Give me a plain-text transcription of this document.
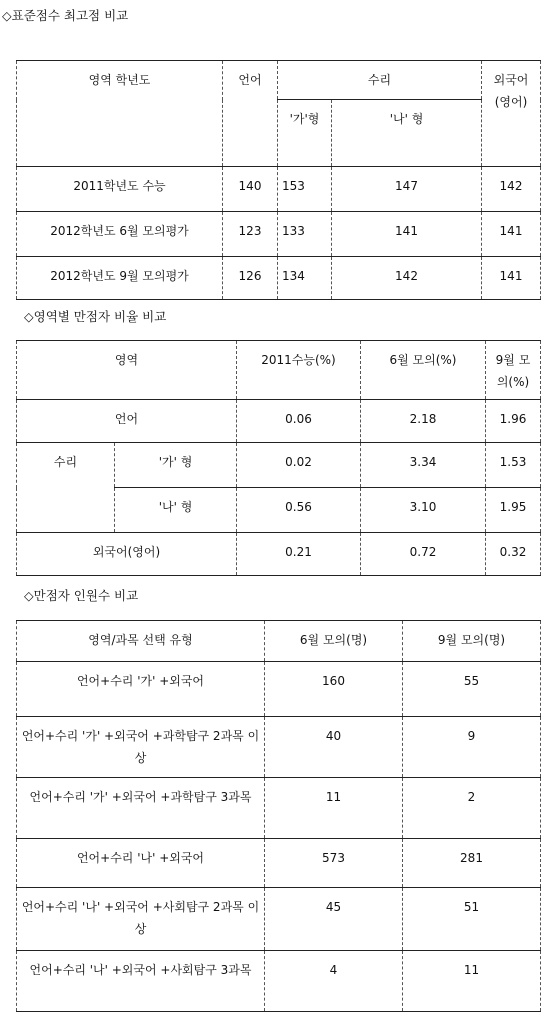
◇표준점수 최고점 비교
영역 학년도	언어	수리		외국어(영어)
		'가'형	'나' 형	
2011학년도 수능	140	153	147	142
2012학년도 6월 모의평가	123	133	141	141
2012학년도 9월 모의평가	126	134	142	141
◇영역별 만점자 비율 비교
영역		2011수능(%)	6월 모의(%)	9월 모의(%)
언어		0.06	2.18	1.96
수리	'가' 형	0.02	3.34	1.53
	'나' 형	0.56	3.10	1.95
외국어(영어)		0.21	0.72	0.32
◇만점자 인원수 비교
영역/과목 선택 유형	6월 모의(명)	9월 모의(명)
언어+수리 '가' +외국어	160	55
언어+수리 '가' +외국어 +과학탐구 2과목 이상	40	9
언어+수리 '가' +외국어 +과학탐구 3과목	11	2
언어+수리 '나' +외국어	573	281
언어+수리 '나' +외국어 +사회탐구 2과목 이상	45	51
언어+수리 '나' +외국어 +사회탐구 3과목	4	11
